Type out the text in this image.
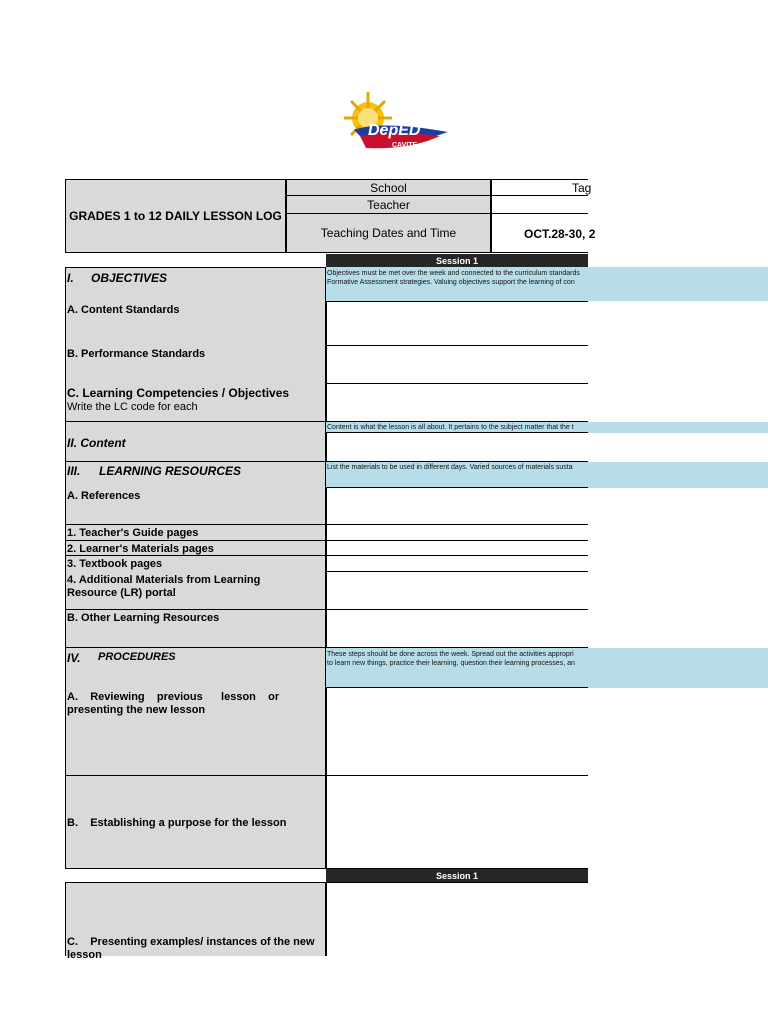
DepED
CAVITE
GRADES 1 to 12 DAILY LESSON LOG
School	Tag
Teacher
Teaching Dates and Time	OCT.28-30, 2
Session 1
I. OBJECTIVES
A. Content Standards
B. Performance Standards
C. Learning Competencies / Objectives
Write the LC code for each
Objectives must be met over the week and connected to the curriculum standards
Formative Assessment strategies. Valuing objectives support the learning of con
II. Content
Content is what the lesson is all about. It pertains to the subject matter that the t
III. LEARNING RESOURCES
A. References
1. Teacher's Guide pages
2. Learner's Materials pages
3. Textbook pages
4. Additional Materials from Learning
Resource (LR) portal
B. Other Learning Resources
List the materials to be used in different days. Varied sources of materials susta
IV. PROCEDURES
A.    Reviewing    previous      lesson    or
presenting the new lesson
B.    Establishing a purpose for the lesson
These steps should be done across the week. Spread out the activities appropri
to learn new things, practice their learning, question their learning processes, an
Session 1
C.    Presenting examples/ instances of the new
lesson
